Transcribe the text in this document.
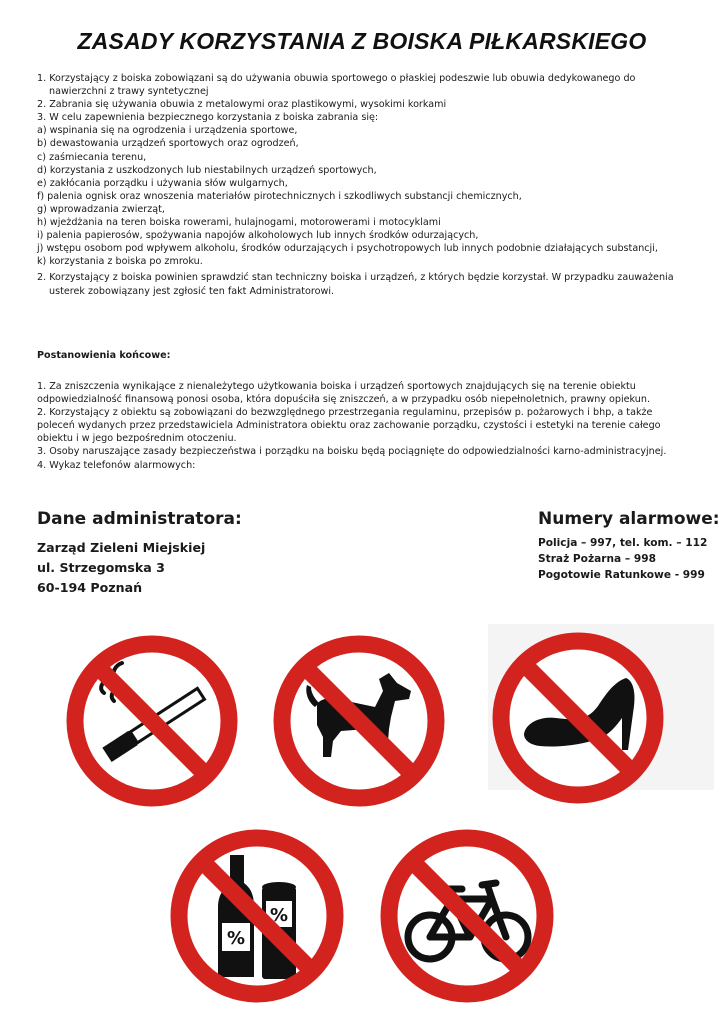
ZASADY KORZYSTANIA Z BOISKA PIŁKARSKIEGO
1. Korzystający z boiska zobowiązani są do używania obuwia sportowego o płaskiej podeszwie lub obuwia dedykowanego do
nawierzchni z trawy syntetycznej
2. Zabrania się używania obuwia z metalowymi oraz plastikowymi, wysokimi korkami
3. W celu zapewnienia bezpiecznego korzystania z boiska zabrania się:
a) wspinania się na ogrodzenia i urządzenia sportowe,
b) dewastowania urządzeń sportowych oraz ogrodzeń,
c) zaśmiecania terenu,
d) korzystania z uszkodzonych lub niestabilnych urządzeń sportowych,
e) zakłócania porządku i używania słów wulgarnych,
f) palenia ognisk oraz wnoszenia materiałów pirotechnicznych i szkodliwych substancji chemicznych,
g) wprowadzania zwierząt,
h) wjeżdżania na teren boiska rowerami, hulajnogami, motorowerami i motocyklami
i) palenia papierosów, spożywania napojów alkoholowych lub innych środków odurzających,
j) wstępu osobom pod wpływem alkoholu, środków odurzających i psychotropowych lub innych podobnie działających substancji,
k) korzystania z boiska po zmroku.
2. Korzystający z boiska powinien sprawdzić stan techniczny boiska i urządzeń, z których będzie korzystał. W przypadku zauważenia
usterek zobowiązany jest zgłosić ten fakt Administratorowi.
Postanowienia końcowe:
1. Za zniszczenia wynikające z nienależytego użytkowania boiska i urządzeń sportowych znajdujących się na terenie obiektu odpowiedzialność finansową ponosi osoba, która dopuściła się zniszczeń, a w przypadku osób niepełnoletnich, prawny opiekun.
2. Korzystający z obiektu są zobowiązani do bezwzględnego przestrzegania regulaminu, przepisów p. pożarowych i bhp, a także poleceń wydanych przez przedstawiciela Administratora obiektu oraz zachowanie porządku, czystości i estetyki na terenie całego obiektu i w jego bezpośrednim otoczeniu.
3. Osoby naruszające zasady bezpieczeństwa i porządku na boisku będą pociągnięte do odpowiedzialności karno-administracyjnej.
4. Wykaz telefonów alarmowych:
Dane administratora:
Zarząd Zieleni Miejskiej
ul. Strzegomska 3
60-194 Poznań
Numery alarmowe:
Policja – 997, tel. kom. – 112
Straż Pożarna – 998
Pogotowie Ratunkowe - 999
%
%
